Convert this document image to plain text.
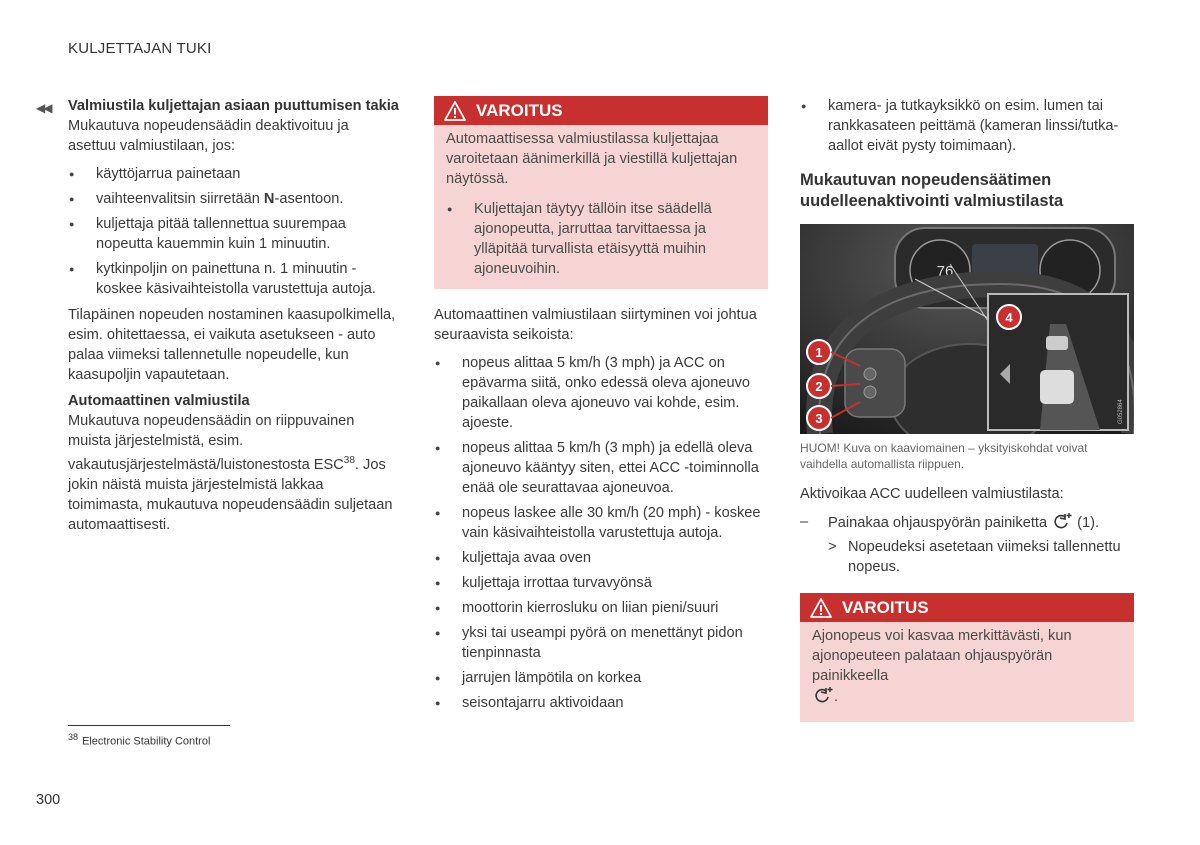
KULJETTAJAN TUKI
◀◀ Valmiustila kuljettajan asiaan puuttumisen takia

Mukautuva nopeudensäädin deaktivoituu ja asettuu valmiustilaan, jos:

● käyttöjarrua painetaan
● vaihteenvalitsin siirretään N-asentoon.
● kuljettaja pitää tallennettua suurempaa nopeutta kauemmin kuin 1 minuutin.
● kytkinpoljin on painettuna n. 1 minuutin - koskee käsivaihteistolla varustettuja autoja.

Tilapäinen nopeuden nostaminen kaasupolkimella, esim. ohitettaessa, ei vaikuta asetukseen - auto palaa viimeksi tallennetulle nopeudelle, kun kaasupoljin vapautetaan.

Automaattinen valmiustila

Mukautuva nopeudensäädin on riippuvainen muista järjestelmistä, esim. vakautusjärjestelmästä/luistonestosta ESC$^{38}$. Jos jokin näistä muista järjestelmistä lakkaa toimimasta, mukautuva nopeudensäädin suljetaan automaattisesti.

VAROITUS

Automaattisessa valmiustilassa kuljettajaa varoitetaan äänimerkillä ja viestillä kuljettajan näytössä.

● Kuljettajan täytyy tällöin itse säädellä ajonopeutta, jarruttaa tarvittaessa ja ylläpitää turvallista etäisyyttä muihin ajoneuvoihin.

Automaattinen valmiustilaan siirtyminen voi johtua seuraavista seikoista:

● nopeus alittaa 5 km/h (3 mph) ja ACC on epävarma siitä, onko edessä oleva ajoneuvo paikallaan oleva ajoneuvo vai kohde, esim. ajoeste.
● nopeus alittaa 5 km/h (3 mph) ja edellä oleva ajoneuvo kääntyy siten, ettei ACC -toiminnolla enää ole seurattavaa ajoneuvoa.
● nopeus laskee alle 30 km/h (20 mph) - koskee vain käsivaihteistolla varustettuja autoja.
● kuljettaja avaa oven
● kuljettaja irrottaa turvavyönsä
● moottorin kierrosluku on liian pieni/suuri
● yksi tai useampi pyörä on menettänyt pidon tienpinnasta
● jarrujen lämpötila on korkea
● seisontajarru aktivoidaan
● kamera- ja tutkayksikkö on esim. lumen tai rankkasateen peittämä (kameran linssi/tutka-aallot eivät pysty toimimaan).
Mukautuvan nopeudensäätimen uudelleenaktivointi valmiustilasta
76
G052864
1
2
3
4

HUOM! Kuva on kaaviomainen – yksityiskohdat voivat vaihdella automallista riippuen.

Aktivoikaa ACC uudelleen valmiustilasta:

– Painakaa ohjauspyörän painiketta  (1).
> Nopeudeksi asetetaan viimeksi tallennettu nopeus.
VAROITUS

Ajonopeus voi kasvaa merkittävästi, kun ajonopeuteen palataan ohjauspyörän painikkeella
.

$^{38}$ Electronic Stability Control
300
